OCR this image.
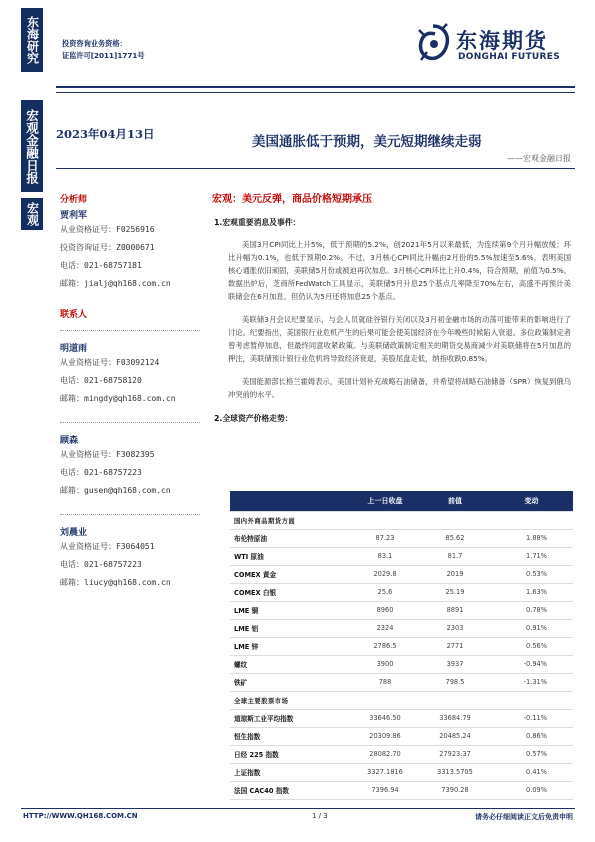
东海研究
宏观金融日报
宏观
投资咨询业务资格：
证监许可[2011]1771号
东海期货
DONGHAI FUTURES
2023年04月13日	美国通胀低于预期，美元短期继续走弱
——宏观金融日报
分析师
贾利军
从业资格证号：F0256916
投资咨询证号：Z0000671
电话：021-68757181
邮箱：jialj@qh168.com.cn
联系人
明道雨
从业资格证号：F03092124
电话：021-68758120
邮箱：mingdy@qh168.com.cn
顾森
从业资格证号：F3082395
电话：021-68757223
邮箱：gusen@qh168.com.cn
刘晨业
从业资格证号：F3064051
电话：021-68757223
邮箱：liucy@qh168.com.cn
宏观：美元反弹，商品价格短期承压
1.宏观重要消息及事件：

美国3月CPI同比上升5%，低于预期的5.2%，创2021年5月以来最低，为连续第9个月升幅放缓；环比升幅为0.1%，也低于预期0.2%。不过，3月核心CPI同比升幅由2月份的5.5%加速至5.6%，表明美国核心通胀依旧顽固，美联储5月份或被迫再次加息。3月核心CPI环比上升0.4%，符合预期，前值为0.5%。数据出炉后，芝商所FedWatch工具显示，美联储5月升息25个基点几率降至70%左右，高盛不再预计美联储会在6月加息，但仍认为5月还将加息25个基点。

美联储3月会议纪要显示，与会人员就硅谷银行关闭以及3月初金融市场的动荡可能带来的影响进行了讨论。纪要指出，美国银行业危机产生的后果可能会使美国经济在今年晚些时候陷入衰退。多位政策制定者曾考虑暂停加息，但最终同意收紧政策。与美联储政策制定相关的期货交易商减少对美联储将在5月加息的押注，美联储预计银行业危机将导致经济衰退，美股尾盘走低，纳指收跌0.85%。

美国能源部长格兰霍姆表示，美国计划补充战略石油储备，并希望将战略石油储备（SPR）恢复到俄乌冲突前的水平。

2.全球资产价格走势：
	上一日收盘	前值	变动
国内外商品期货方面			
布伦特原油	87.23	85.62	1.88%
WTI 原油	83.1	81.7	1.71%
COMEX 黄金	2029.8	2019	0.53%
COMEX 白银	25.6	25.19	1.63%
LME 铜	8960	8891	0.78%
LME 铝	2324	2303	0.91%
LME 锌	2786.5	2771	0.56%
螺纹	3900	3937	-0.94%
铁矿	788	798.5	-1.31%
全球主要股票市场			
道琼斯工业平均指数	33646.50	33684.79	-0.11%
恒生指数	20309.86	20485.24	0.86%
日经 225 指数	28082.70	27923.37	0.57%
上证指数	3327.1816	3313.5705	0.41%
法国 CAC40 指数	7396.94	7390.28	0.09%
HTTP://WWW.QH168.COM.CN	1 / 3	请务必仔细阅读正文后免责申明
